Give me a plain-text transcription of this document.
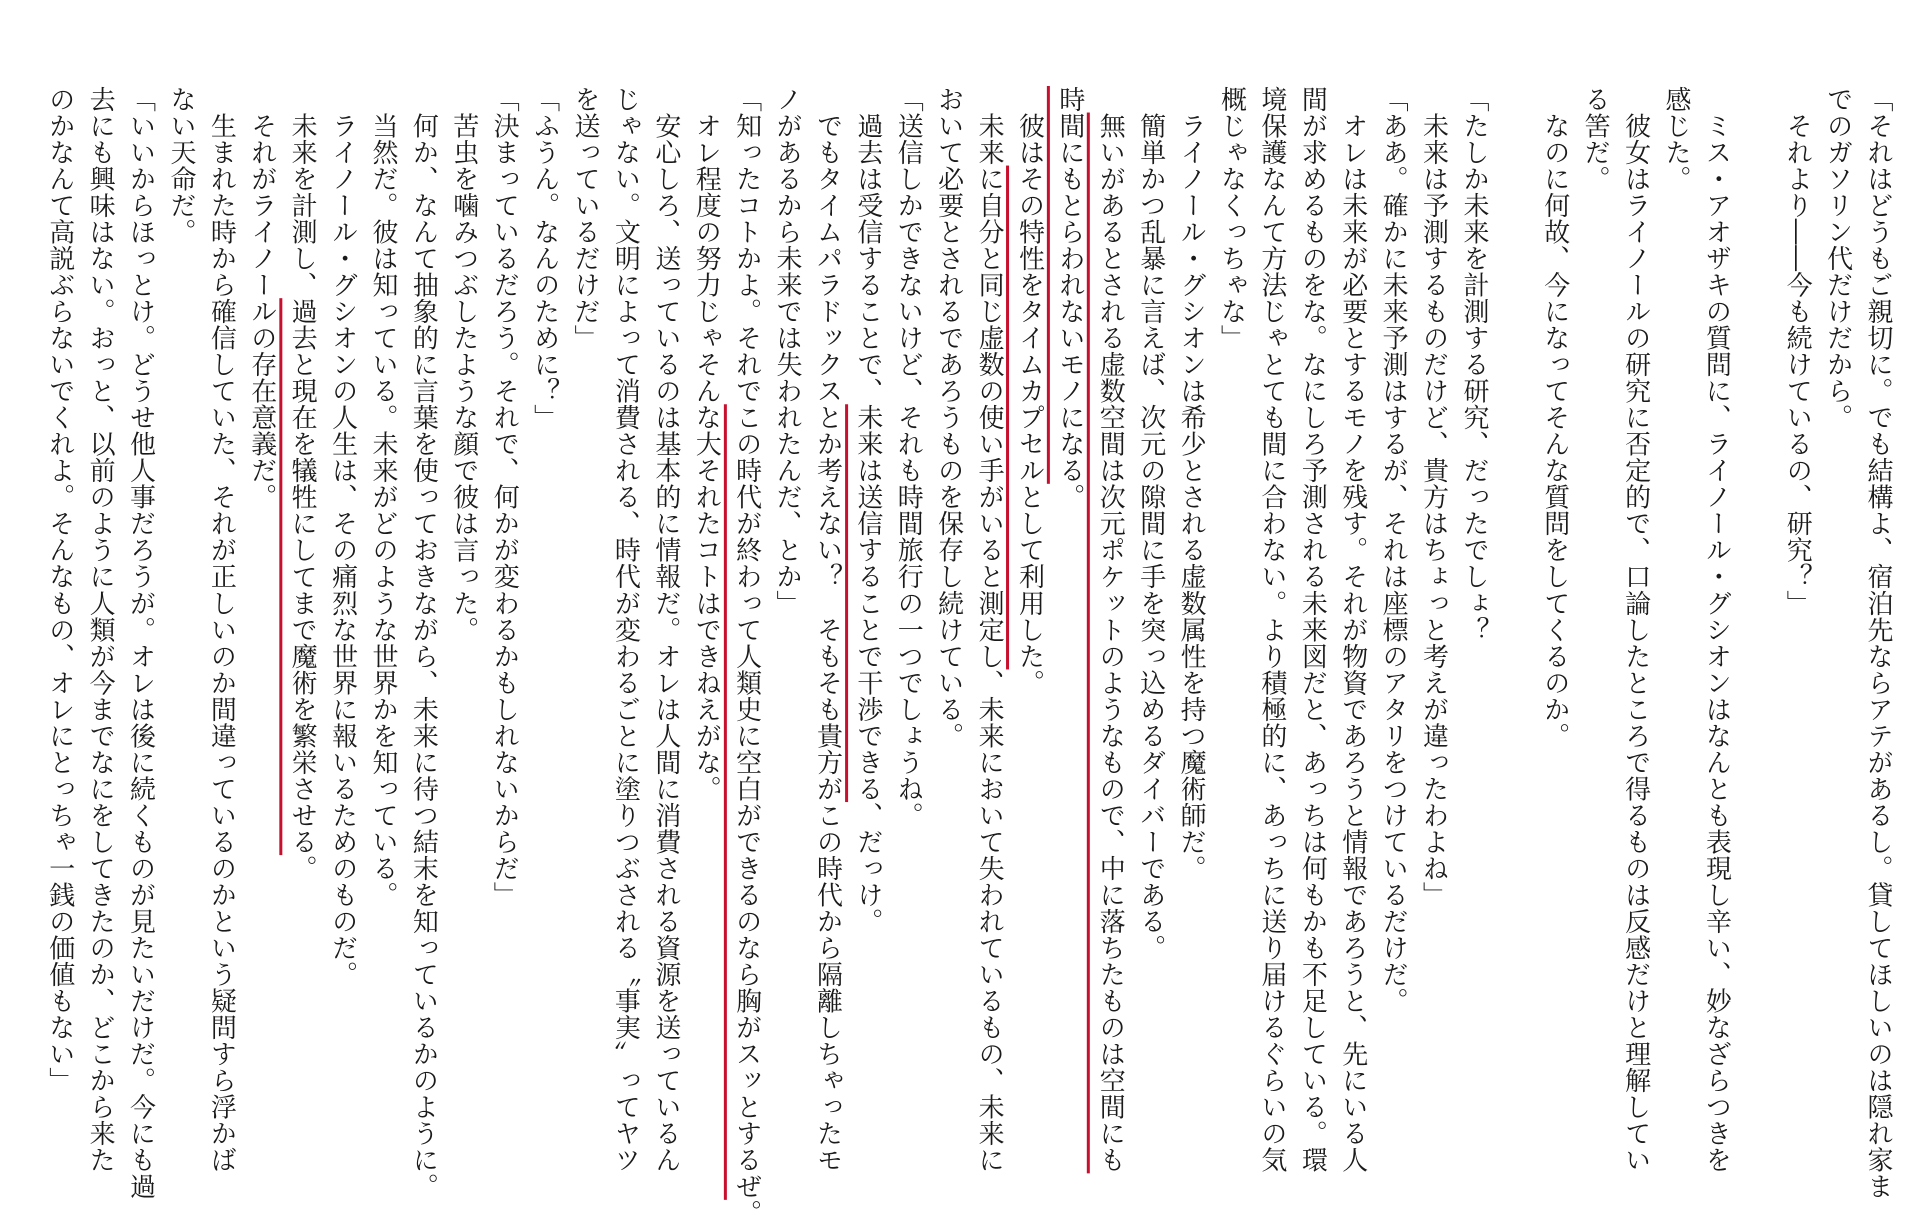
「それはどうもご親切に。でも結構よ、宿泊先ならアテがあるし。貸してほしいのは隠れ家ま
でのガソリン代だけだから。
　それより――今も続けているの、研究？」

　ミス・アオザキの質問に、ライノール・グシオンはなんとも表現し辛い、妙なざらつきを
感じた。
　彼女はライノールの研究に否定的で、口論したところで得るものは反感だけと理解してい
る筈だ。
　なのに何故、今になってそんな質問をしてくるのか。

「たしか未来を計測する研究、だったでしょ？
　未来は予測するものだけど、貴方はちょっと考えが違ったわよね」
「ああ。確かに未来予測はするが、それは座標のアタリをつけているだけだ。
　オレは未来が必要とするモノを残す。それが物資であろうと情報であろうと、先にいる人
間が求めるものをな。なにしろ予測される未来図だと、あっちは何もかも不足している。環
境保護なんて方法じゃとても間に合わない。より積極的に、あっちに送り届けるぐらいの気
概じゃなくっちゃな」
　ライノール・グシオンは希少とされる虚数属性を持つ魔術師だ。
　簡単かつ乱暴に言えば、次元の隙間に手を突っ込めるダイバーである。
　無いがあるとされる虚数空間は次元ポケットのようなもので、中に落ちたものは空間にも
時間にもとらわれないモノになる。
　彼はその特性をタイムカプセルとして利用した。
　未来に自分と同じ虚数の使い手がいると測定し、未来において失われているもの、未来に
おいて必要とされるであろうものを保存し続けている。
「送信しかできないけど、それも時間旅行の一つでしょうね。
　過去は受信することで、未来は送信することで干渉できる、だっけ。
　でもタイムパラドックスとか考えない？　そもそも貴方がこの時代から隔離しちゃったモ
ノがあるから未来では失われたんだ、とか」
「知ったコトかよ。それでこの時代が終わって人類史に空白ができるのなら胸がスッとするぜ。
　オレ程度の努力じゃそんな大それたコトはできねえがな。
　安心しろ、送っているのは基本的に情報だ。オレは人間に消費される資源を送っているん
じゃない。文明によって消費される、時代が変わるごとに塗りつぶされる〝事実〟ってヤツ
を送っているだけだ」
「ふうん。なんのために？」
「決まっているだろう。それで、何かが変わるかもしれないからだ」
　苦虫を噛みつぶしたような顔で彼は言った。
　何か、なんて抽象的に言葉を使っておきながら、未来に待つ結末を知っているかのように。
　当然だ。彼は知っている。未来がどのような世界かを知っている。
　ライノール・グシオンの人生は、その痛烈な世界に報いるためのものだ。
　未来を計測し、過去と現在を犠牲にしてまで魔術を繁栄させる。
　それがライノールの存在意義だ。
　生まれた時から確信していた、それが正しいのか間違っているのかという疑問すら浮かば
ない天命だ。
「いいからほっとけ。どうせ他人事だろうが。オレは後に続くものが見たいだけだ。今にも過
去にも興味はない。おっと、以前のように人類が今までなにをしてきたのか、どこから来た
のかなんて高説ぶらないでくれよ。そんなもの、オレにとっちゃ一銭の価値もない」
